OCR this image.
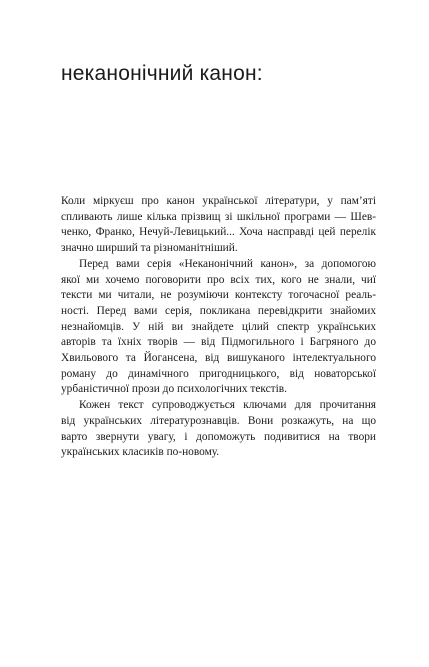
неканонічний канон:

Коли міркуєш про канон української літератури, у пам’яті
спливають лише кілька прізвищ зі шкільної програми — Шев-
ченко, Франко, Нечуй-Левицький... Хоча насправді цей перелік
значно ширший та різноманітніший.

Перед вами серія «Неканонічний канон», за допомогою
якої ми хочемо поговорити про всіх тих, кого не знали, чиї
тексти ми читали, не розуміючи контексту тогочасної реаль-
ності. Перед вами серія, покликана перевідкрити знайомих
незнайомців. У ній ви знайдете цілий спектр українських
авторів та їхніх творів — від Підмогильного і Багряного до
Хвильового та Йогансена, від вишуканого інтелектуального
роману до динамічного пригодницького, від новаторської
урбаністичної прози до психологічних текстів.

Кожен текст супроводжується ключами для прочитання
від українських літературознавців. Вони розкажуть, на що
варто звернути увагу, і допоможуть подивитися на твори
українських класиків по-новому.
